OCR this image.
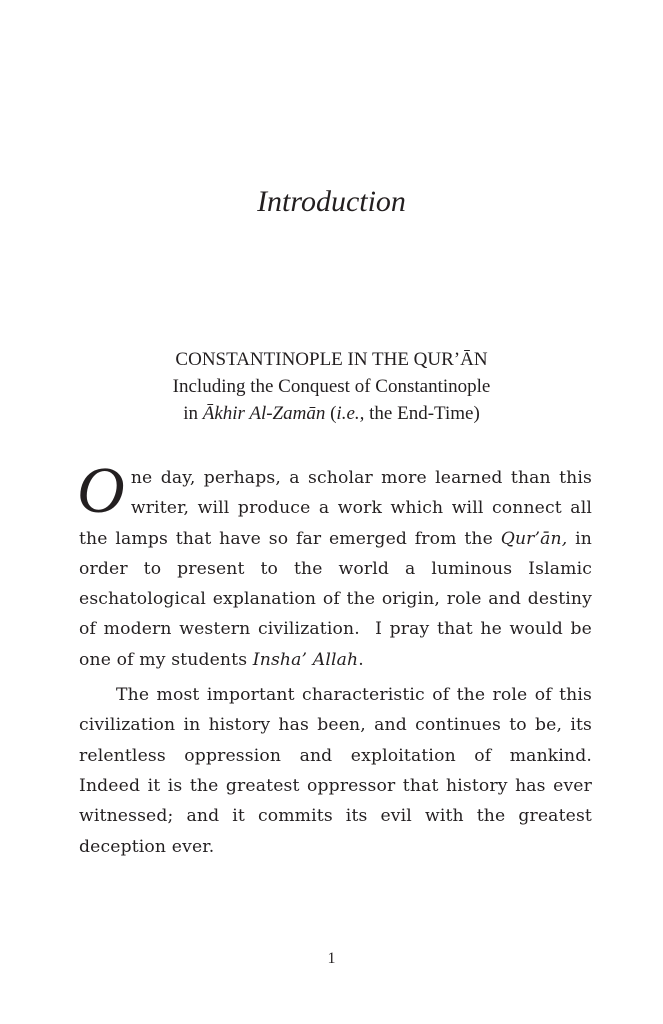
Introduction
CONSTANTINOPLE IN THE QUR’ĀN
Including the Conquest of Constantinople
in Ākhir Al-Zamān (i.e., the End-Time)

One day, perhaps, a scholar more learned than this writer, will produce a work which will connect all the lamps that have so far emerged from the Qur’ān, in order to present to the world a luminous Islamic eschatological explanation of the origin, role and destiny of modern western civilization.  I pray that he would be one of my students Insha’ Allah.

The most important characteristic of the role of this civilization in history has been, and continues to be, its relentless oppression and exploitation of mankind. Indeed it is the greatest oppressor that history has ever witnessed; and it commits its evil with the greatest deception ever.

1
